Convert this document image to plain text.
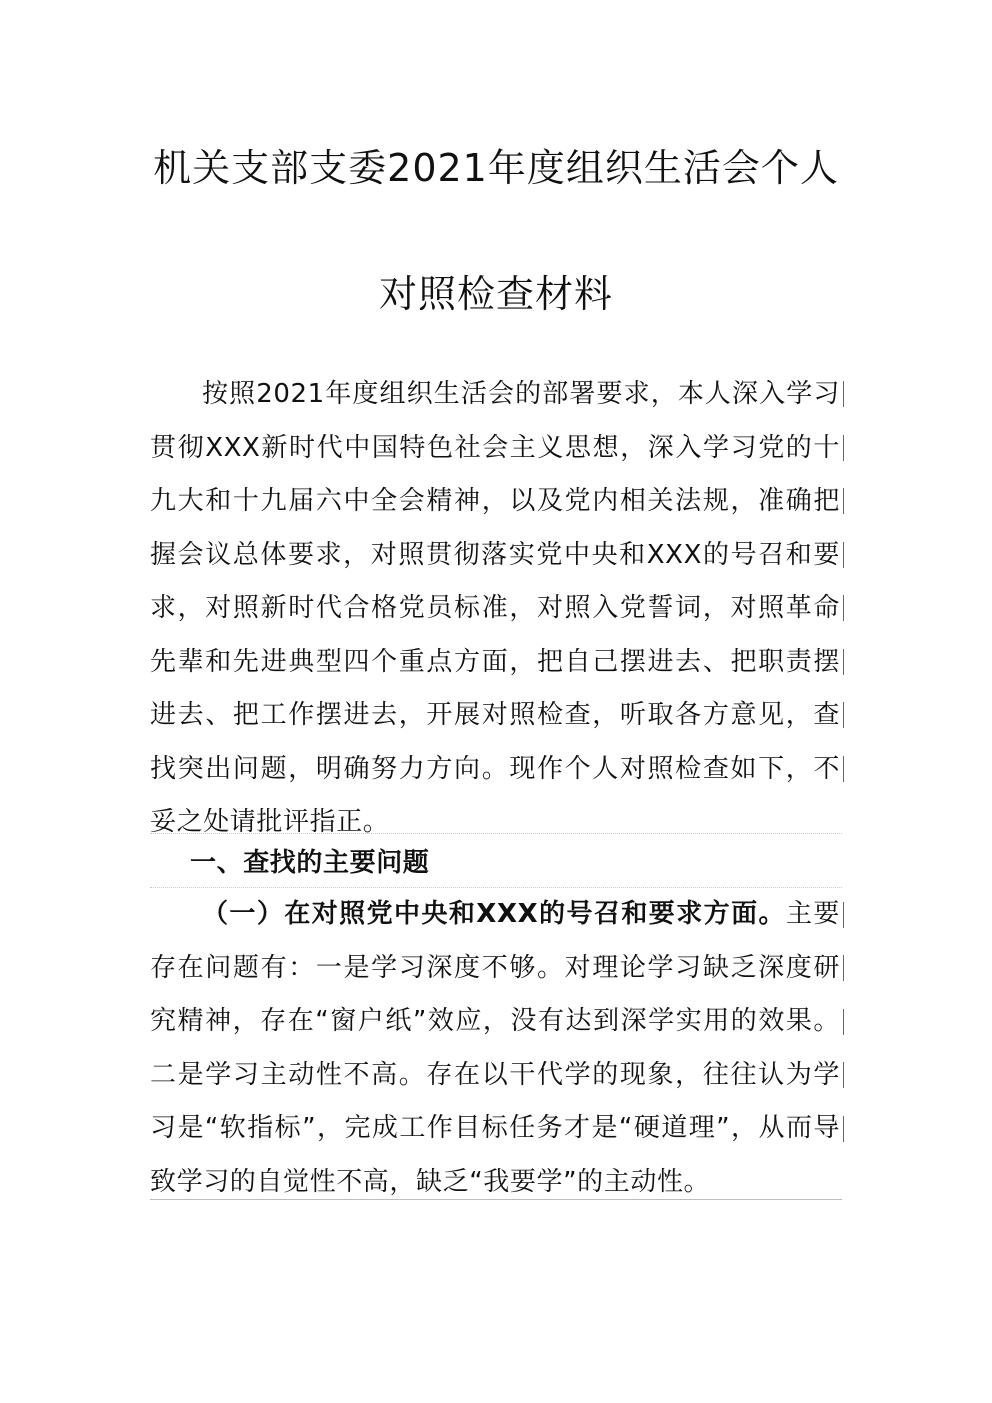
机关支部支委2021年度组织生活会个人
对照检查材料

按照2021年度组织生活会的部署要求，本人深入学习贯彻XXX新时代中国特色社会主义思想，深入学习党的十九大和十九届六中全会精神，以及党内相关法规，准确把握会议总体要求，对照贯彻落实党中央和XXX的号召和要求，对照新时代合格党员标准，对照入党誓词，对照革命先辈和先进典型四个重点方面，把自己摆进去、把职责摆进去、把工作摆进去，开展对照检查，听取各方意见，查找突出问题，明确努力方向。现作个人对照检查如下，不妥之处请批评指正。

一、查找的主要问题

（一）在对照党中央和XXX的号召和要求方面。主要存在问题有：一是学习深度不够。对理论学习缺乏深度研究精神，存在“窗户纸”效应，没有达到深学实用的效果。二是学习主动性不高。存在以干代学的现象，往往认为学习是“软指标”，完成工作目标任务才是“硬道理”，从而导致学习的自觉性不高，缺乏“我要学”的主动性。
